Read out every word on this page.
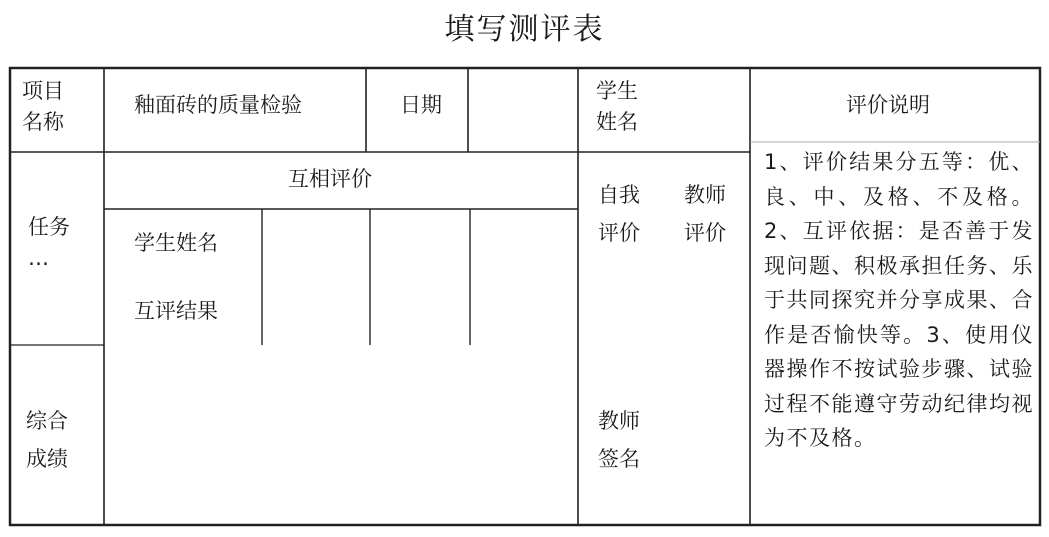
填写测评表
项目
名称
釉面砖的质量检验	日期
学生
姓名
评价说明
任务
…
互相评价
自我
评价
教师
评价
学生姓名
互评结果
综合
成绩
教师
签名
1、评价结果分五等：优、良、中、及格、不及格。2、互评依据：是否善于发现问题、积极承担任务、乐于共同探究并分享成果、合作是否愉快等。3、使用仪器操作不按试验步骤、试验过程不能遵守劳动纪律均视为不及格。
